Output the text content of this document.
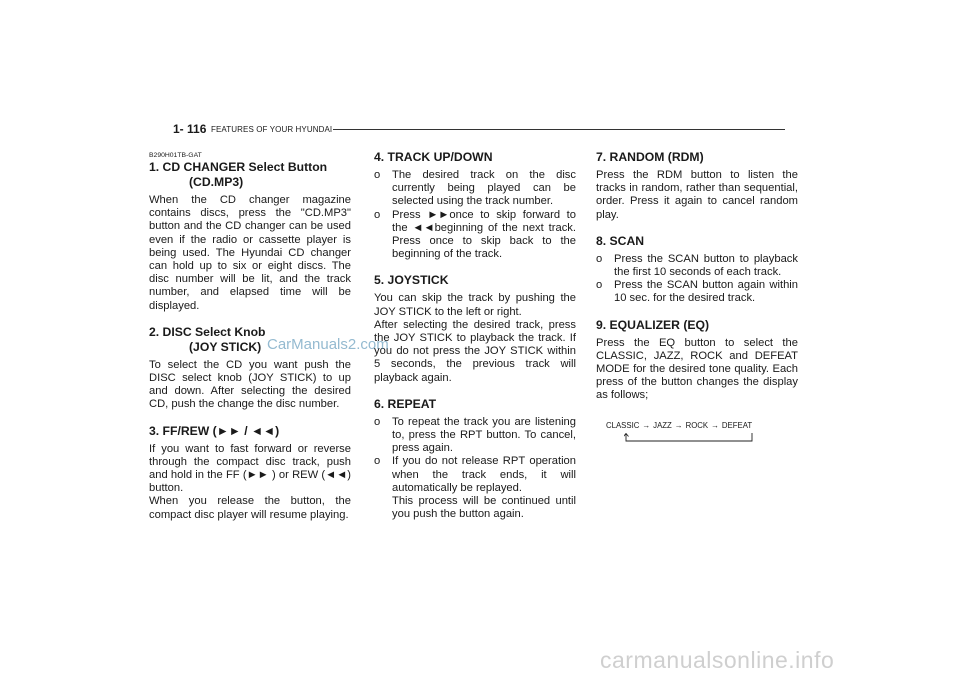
1- 116 FEATURES OF YOUR HYUNDAI
B290H01TB-GAT
1. CD CHANGER Select Button
(CD.MP3)

When the CD changer magazine contains discs, press the "CD.MP3" button and the CD changer can be used even if the radio or cassette player is being used. The Hyundai CD changer can hold up to six or eight discs. The disc number will be lit, and the track number, and elapsed time will be displayed.

2. DISC Select Knob
(JOY STICK)

To select the CD you want push the DISC select knob (JOY STICK) to up and down. After selecting the desired CD, push the change the disc number.

3. FF/REW (►► / ◄◄)

If you want to fast forward or reverse through the compact disc track, push and hold in the FF (►► ) or REW (◄◄) button.
When you release the button, the compact disc player will resume playing.

4. TRACK UP/DOWN
o The desired track on the disc currently being played can be selected using the track number.
o Press ►►once to skip forward to the ◄◄beginning of the next track. Press once to skip back to the beginning of the track.
5. JOYSTICK

You can skip the track by pushing the JOY STICK to the left or right.
After selecting the desired track, press the JOY STICK to playback the track. If you do not press the JOY STICK within 5 seconds, the previous track will playback again.

6. REPEAT
o To repeat the track you are listening to, press the RPT button. To cancel, press again.
o If you do not release RPT operation when the track ends, it will automatically be replayed.
This process will be continued until you push the button again.
7. RANDOM (RDM)

Press the RDM button to listen the tracks in random, rather than sequential, order. Press it again to cancel random play.

8. SCAN
o Press the SCAN button to playback the first 10 seconds of each track.
o Press the SCAN button again within 10 sec. for the desired track.
9. EQUALIZER (EQ)

Press the EQ button to select the CLASSIC, JAZZ, ROCK and DEFEAT MODE for the desired tone quality. Each press of the button changes the display as follows;

CLASSIC → JAZZ → ROCK → DEFEAT
CarManuals2.com
carmanualsonline.info
